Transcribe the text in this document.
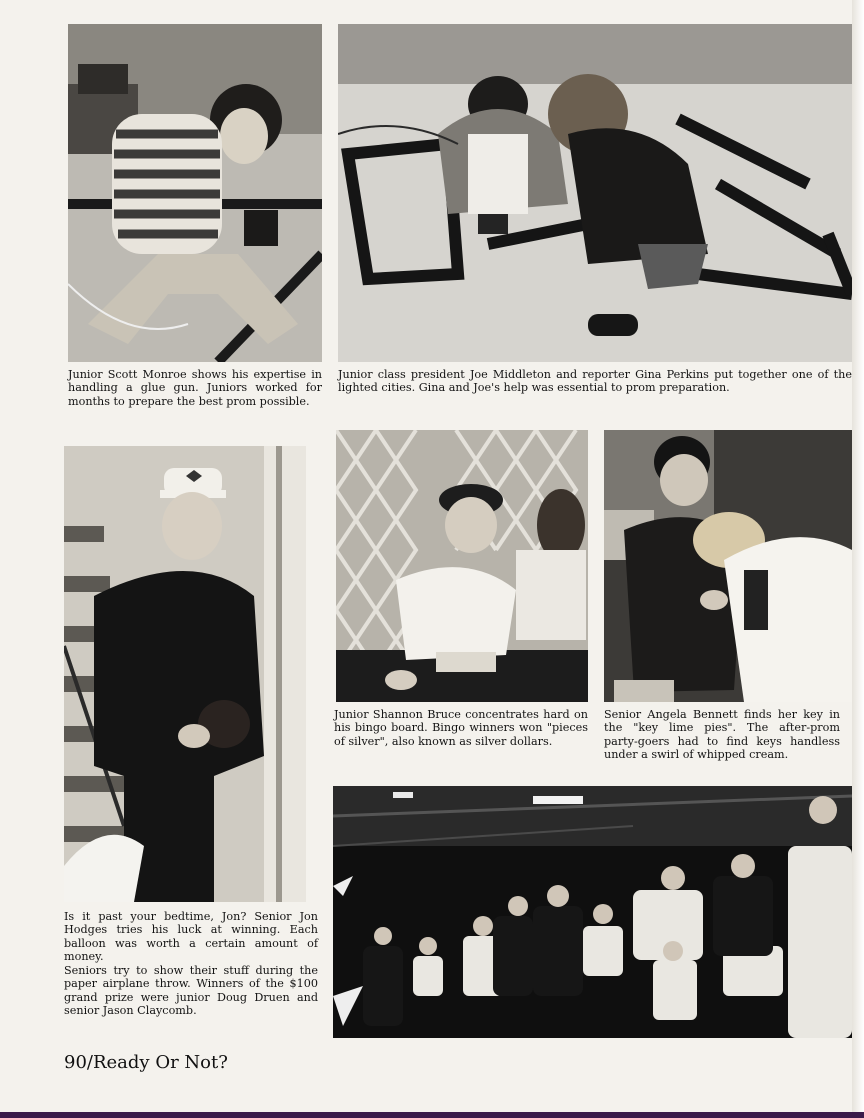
Junior Scott Monroe shows his expertise in handling a glue gun. Juniors worked for months to prepare the best prom possible.

Junior class president Joe Middleton and reporter Gina Perkins put together one of the lighted cities. Gina and Joe's help was essential to prom preparation.

Junior Shannon Bruce concentrates hard on his bingo board. Bingo winners won "pieces of silver", also known as silver dollars.

Senior Angela Bennett finds her key in the "key lime pies". The after-prom party-goers had to find keys handless under a swirl of whipped cream.

Is it past your bedtime, Jon? Senior Jon Hodges tries his luck at winning. Each balloon was worth a certain amount of money.

Seniors try to show their stuff during the paper airplane throw. Winners of the $100 grand prize were junior Doug Druen and senior Jason Claycomb.

90/Ready Or Not?
